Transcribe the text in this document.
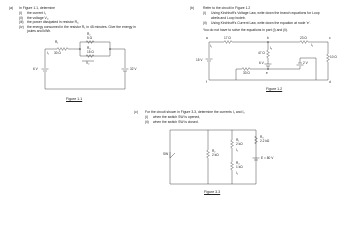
(a) In Figure 1.1, determine
(i) the current I₁
(ii) the voltage V₂,
(iii) the power dissipated in resistor R₁,
(iv) the energy consumed in the resistor R₁ in 45 minutes. Give the energy in
joules and kWh.
R₁
30 Ω
I₁
R₂
5 Ω
R₃
15 Ω
V₂
6 V	32 V
Figure 1.1
(b)	Refer to the circuit in Figure 1.2
(i) Using Kirchhoff's Voltage Law, write down the branch equations for Loop
abefa and Loop bcdeb.
(ii) Using Kirchhoff's Current Law, write down the equation at node 'e'.
You do not have to solve the equations in part (i) and (ii).
a
I₁
17 Ω	b	23 Ω
I₂
c
47 Ω
I₃
10 Ω
15 V
6 V	2 V
33 Ω	e
f	d
Figure 1.2
(c) For the circuit shown in Figure 3.3, determine the currents I₁ and I₂
(i) when the switch SW is opened,
(ii) when the switch SW is closed.
SW
R₂
2 kΩ
R₁
2 kΩ
I₁
R₄
1 kΩ
I₂
R₃
2.2 kΩ
E = 80 V
Figure 3.3
